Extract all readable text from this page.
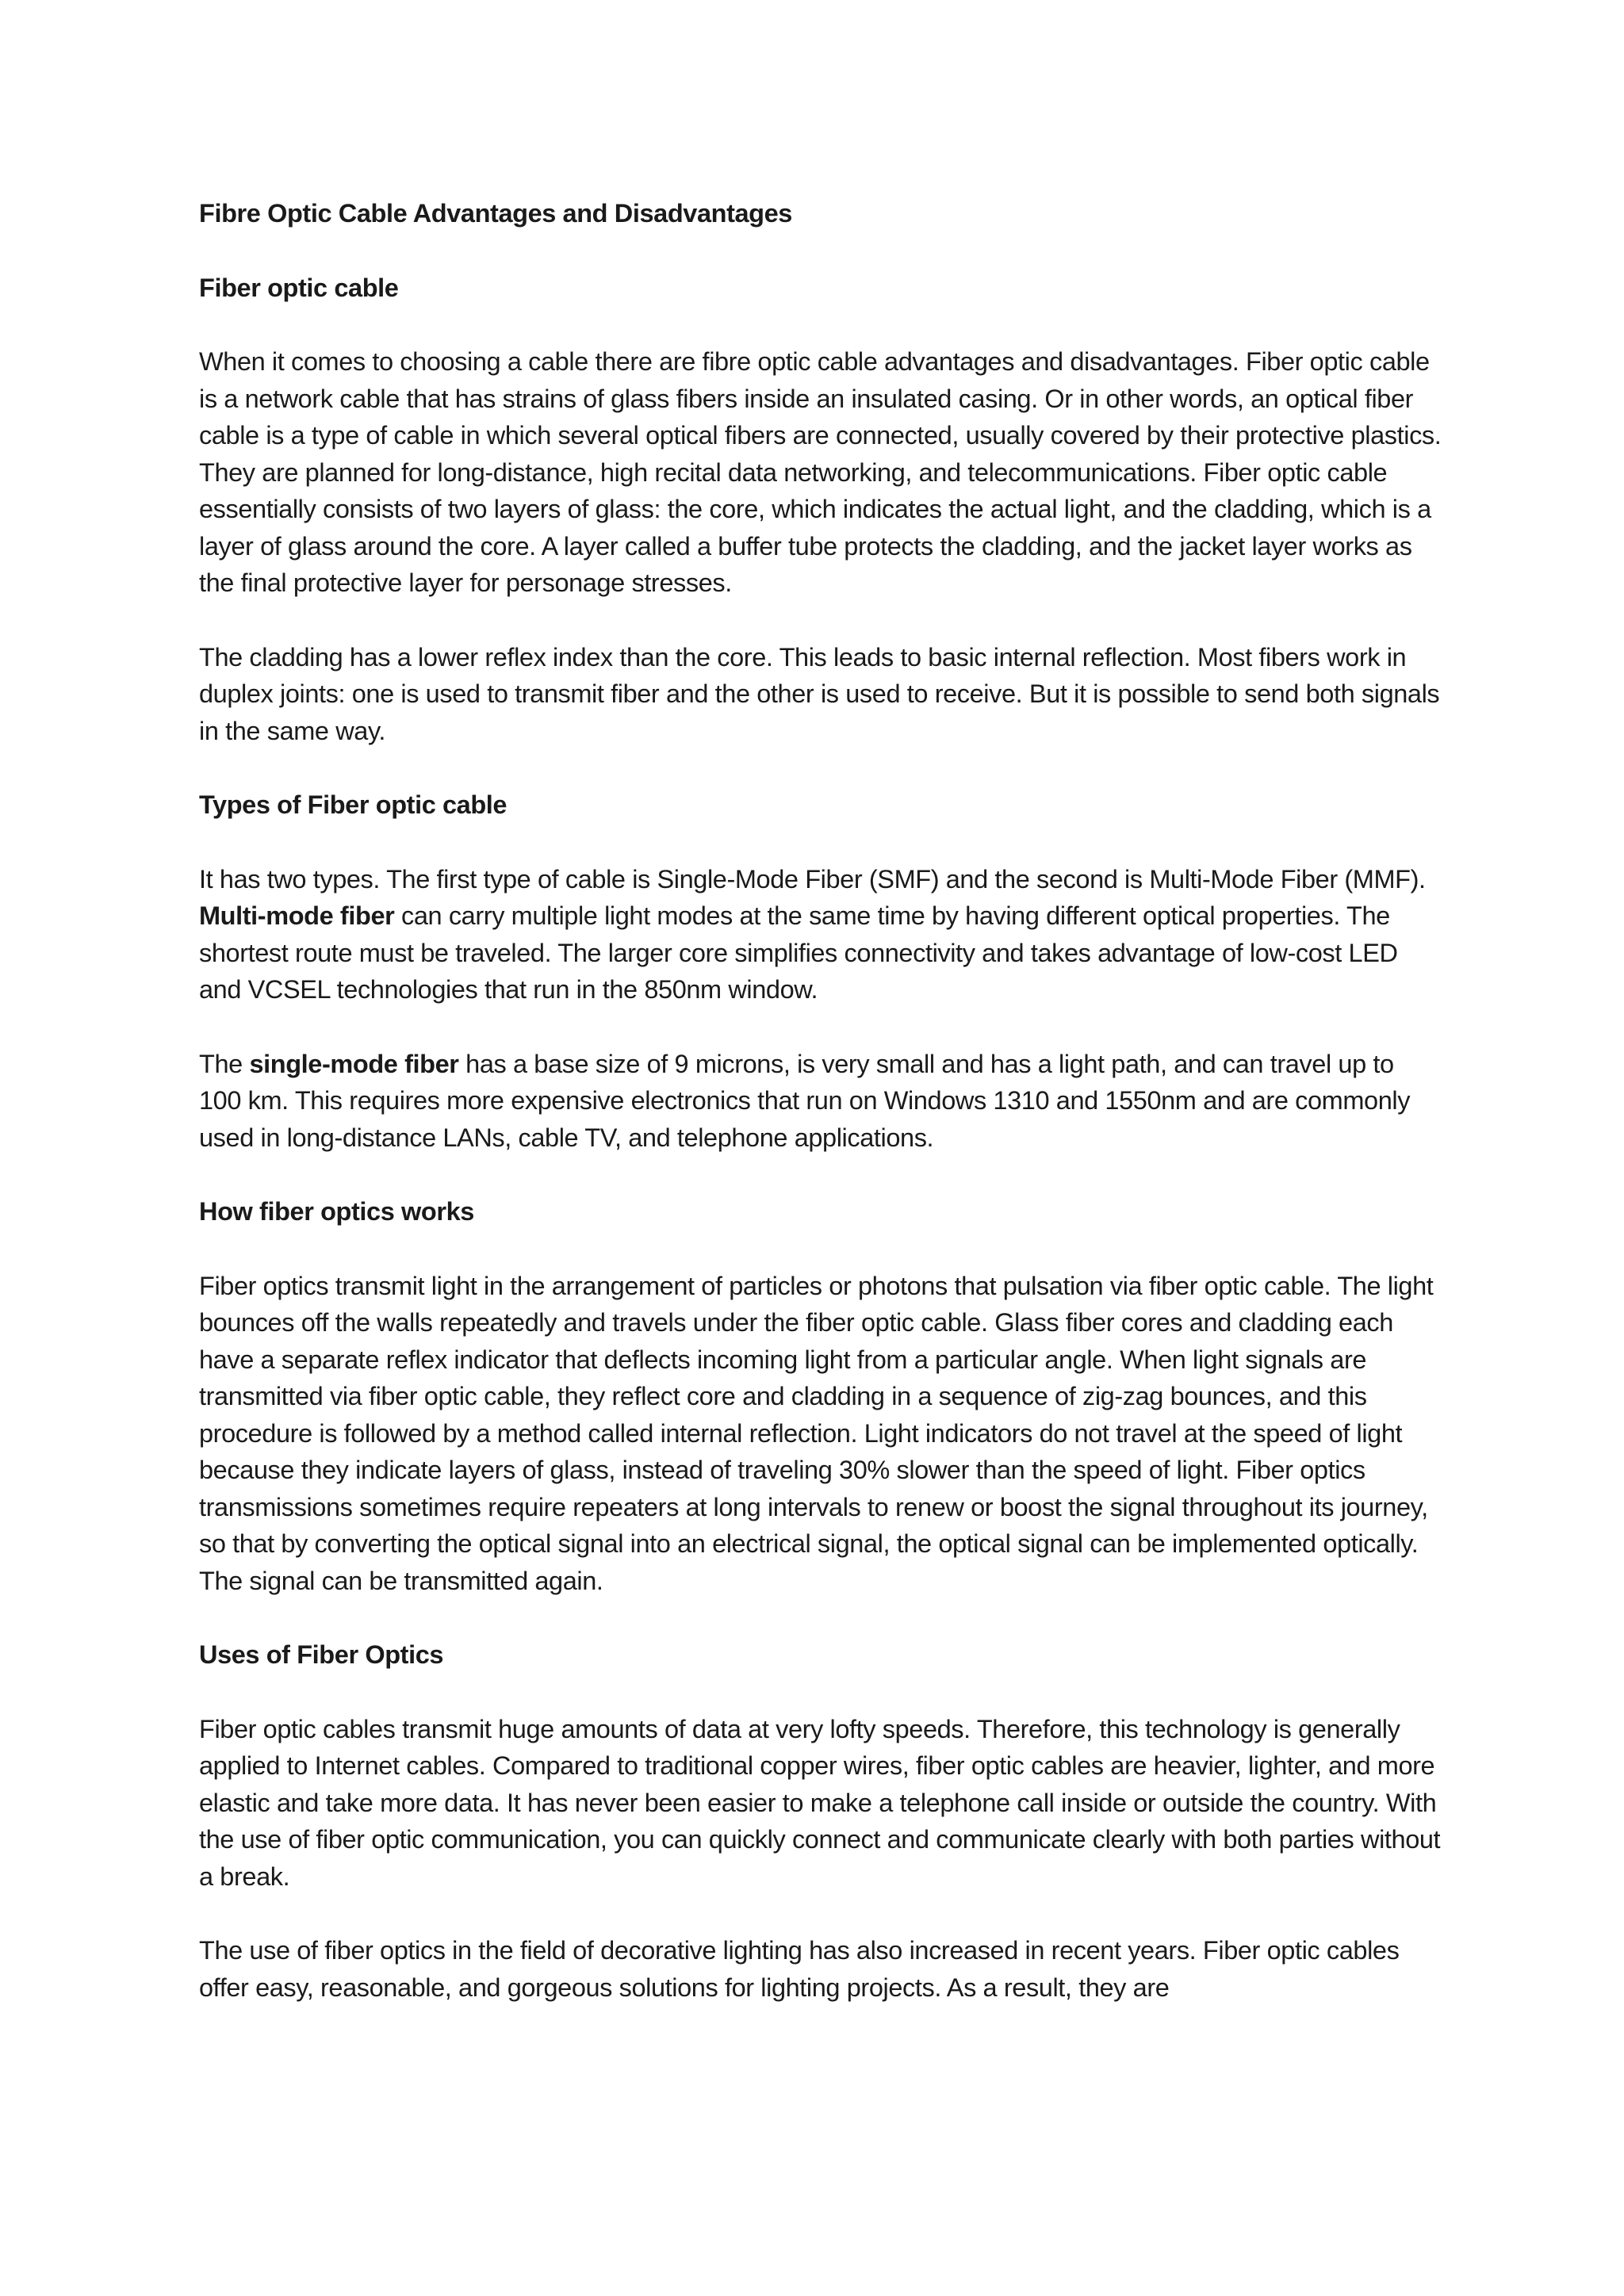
Fibre Optic Cable Advantages and Disadvantages
Fiber optic cable
When it comes to choosing a cable there are fibre optic cable advantages and disadvantages. Fiber optic cable is a network cable that has strains of glass fibers inside an insulated casing. Or in other words, an optical fiber cable is a type of cable in which several optical fibers are connected, usually covered by their protective plastics. They are planned for long-distance, high recital data networking, and telecommunications. Fiber optic cable essentially consists of two layers of glass: the core, which indicates the actual light, and the cladding, which is a layer of glass around the core. A layer called a buffer tube protects the cladding, and the jacket layer works as the final protective layer for personage stresses.
The cladding has a lower reflex index than the core. This leads to basic internal reflection. Most fibers work in duplex joints: one is used to transmit fiber and the other is used to receive. But it is possible to send both signals in the same way.
Types of Fiber optic cable
It has two types. The first type of cable is Single-Mode Fiber (SMF) and the second is Multi-Mode Fiber (MMF). Multi-mode fiber can carry multiple light modes at the same time by having different optical properties. The shortest route must be traveled. The larger core simplifies connectivity and takes advantage of low-cost LED and VCSEL technologies that run in the 850nm window.
The single-mode fiber has a base size of 9 microns, is very small and has a light path, and can travel up to 100 km. This requires more expensive electronics that run on Windows 1310 and 1550nm and are commonly used in long-distance LANs, cable TV, and telephone applications.
How fiber optics works
Fiber optics transmit light in the arrangement of particles or photons that pulsation via fiber optic cable. The light bounces off the walls repeatedly and travels under the fiber optic cable. Glass fiber cores and cladding each have a separate reflex indicator that deflects incoming light from a particular angle. When light signals are transmitted via fiber optic cable, they reflect core and cladding in a sequence of zig-zag bounces, and this procedure is followed by a method called internal reflection. Light indicators do not travel at the speed of light because they indicate layers of glass, instead of traveling 30% slower than the speed of light. Fiber optics transmissions sometimes require repeaters at long intervals to renew or boost the signal throughout its journey, so that by converting the optical signal into an electrical signal, the optical signal can be implemented optically. The signal can be transmitted again.
Uses of Fiber Optics
Fiber optic cables transmit huge amounts of data at very lofty speeds. Therefore, this technology is generally applied to Internet cables. Compared to traditional copper wires, fiber optic cables are heavier, lighter, and more elastic and take more data. It has never been easier to make a telephone call inside or outside the country. With the use of fiber optic communication, you can quickly connect and communicate clearly with both parties without a break.
The use of fiber optics in the field of decorative lighting has also increased in recent years. Fiber optic cables offer easy, reasonable, and gorgeous solutions for lighting projects. As a result, they are
